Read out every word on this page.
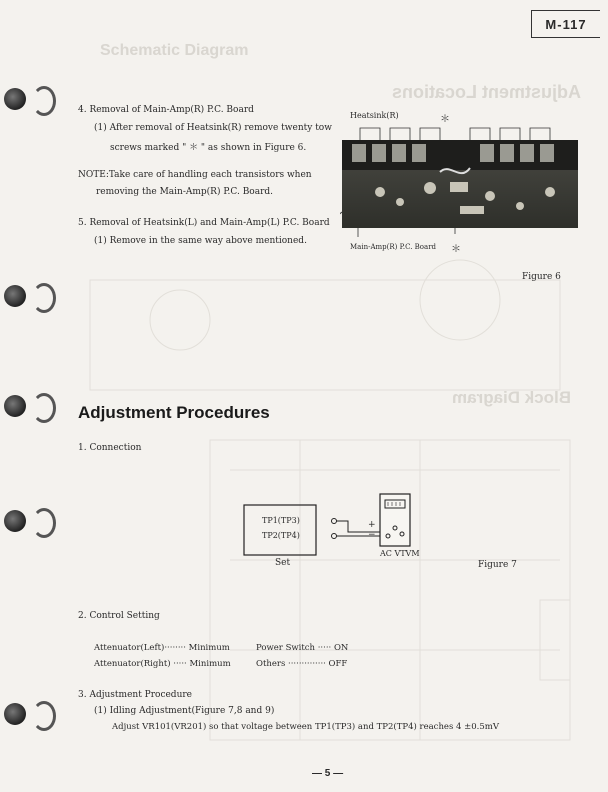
Schematic Diagram
Adjustment Locations
Block Diagram
M-117
4. Removal of Main-Amp(R) P.C. Board
(1) After removal of Heatsink(R) remove twenty tow
screws marked " ＊ " as shown in Figure 6.
NOTE:Take care of handling each transistors when
removing the Main-Amp(R) P.C. Board.
5. Removal of Heatsink(L) and Main-Amp(L) P.C. Board
(1) Remove in the same way above mentioned.
Heatsink(R)	＊
Main-Amp(R) P.C. Board ＊
Figure 6
Adjustment Procedures
1. Connection
TP1(TP3)
TP2(TP4)
+
−
Set
AC VTVM
Figure 7
2. Control Setting
Attenuator(Left)········ Minimum
Attenuator(Right) ····· Minimum
Power Switch ····· ON
Others ·············· OFF
3. Adjustment Procedure
(1) Idling Adjustment(Figure 7,8 and 9)
Adjust VR101(VR201) so that voltage between TP1(TP3) and TP2(TP4) reaches 4 ±0.5mV
— 5 —
